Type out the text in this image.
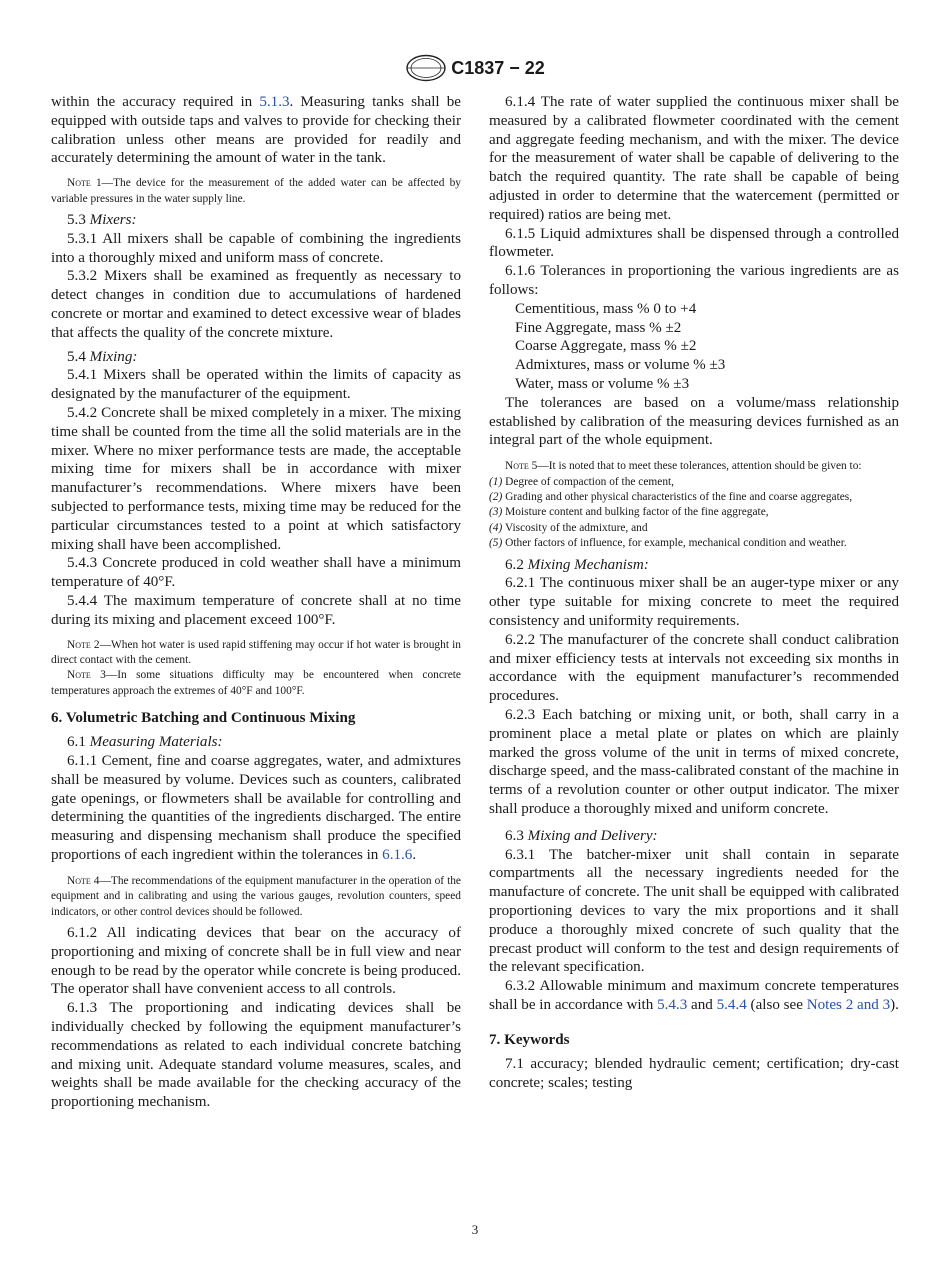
C1837 − 22

within the accuracy required in 5.1.3. Measuring tanks shall be equipped with outside taps and valves to provide for checking their calibration unless other means are provided for readily and accurately determining the amount of water in the tank.

Note 1—The device for the measurement of the added water can be affected by variable pressures in the water supply line.

5.3 Mixers:

5.3.1 All mixers shall be capable of combining the ingredients into a thoroughly mixed and uniform mass of concrete.

5.3.2 Mixers shall be examined as frequently as necessary to detect changes in condition due to accumulations of hardened concrete or mortar and examined to detect excessive wear of blades that affects the quality of the concrete mixture.

5.4 Mixing:

5.4.1 Mixers shall be operated within the limits of capacity as designated by the manufacturer of the equipment.

5.4.2 Concrete shall be mixed completely in a mixer. The mixing time shall be counted from the time all the solid materials are in the mixer. Where no mixer performance tests are made, the acceptable mixing time for mixers shall be in accordance with mixer manufacturer’s recommendations. Where mixers have been subjected to performance tests, mixing time may be reduced for the particular circumstances tested to a point at which satisfactory mixing shall have been accomplished.

5.4.3 Concrete produced in cold weather shall have a minimum temperature of 40°F.

5.4.4 The maximum temperature of concrete shall at no time during its mixing and placement exceed 100°F.

Note 2—When hot water is used rapid stiffening may occur if hot water is brought in direct contact with the cement.

Note 3—In some situations difficulty may be encountered when concrete temperatures approach the extremes of 40°F and 100°F.

6. Volumetric Batching and Continuous Mixing

6.1 Measuring Materials:

6.1.1 Cement, fine and coarse aggregates, water, and admixtures shall be measured by volume. Devices such as counters, calibrated gate openings, or flowmeters shall be available for controlling and determining the quantities of the ingredients discharged. The entire measuring and dispensing mechanism shall produce the specified proportions of each ingredient within the tolerances in 6.1.6.

Note 4—The recommendations of the equipment manufacturer in the operation of the equipment and in calibrating and using the various gauges, revolution counters, speed indicators, or other control devices should be followed.

6.1.2 All indicating devices that bear on the accuracy of proportioning and mixing of concrete shall be in full view and near enough to be read by the operator while concrete is being produced. The operator shall have convenient access to all controls.

6.1.3 The proportioning and indicating devices shall be individually checked by following the equipment manufacturer’s recommendations as related to each individual concrete batching and mixing unit. Adequate standard volume measures, scales, and weights shall be made available for the checking accuracy of the proportioning mechanism.

6.1.4 The rate of water supplied the continuous mixer shall be measured by a calibrated flowmeter coordinated with the cement and aggregate feeding mechanism, and with the mixer. The device for the measurement of water shall be capable of delivering to the batch the required quantity. The rate shall be capable of being adjusted in order to determine that the watercement (permitted or required) ratios are being met.

6.1.5 Liquid admixtures shall be dispensed through a controlled flowmeter.

6.1.6 Tolerances in proportioning the various ingredients are as follows:

Cementitious, mass % 0 to +4

Fine Aggregate, mass % ±2

Coarse Aggregate, mass % ±2

Admixtures, mass or volume % ±3

Water, mass or volume % ±3

The tolerances are based on a volume/mass relationship established by calibration of the measuring devices furnished as an integral part of the whole equipment.

Note 5—It is noted that to meet these tolerances, attention should be given to:

(1) Degree of compaction of the cement,

(2) Grading and other physical characteristics of the fine and coarse aggregates,

(3) Moisture content and bulking factor of the fine aggregate,

(4) Viscosity of the admixture, and

(5) Other factors of influence, for example, mechanical condition and weather.

6.2 Mixing Mechanism:

6.2.1 The continuous mixer shall be an auger-type mixer or any other type suitable for mixing concrete to meet the required consistency and uniformity requirements.

6.2.2 The manufacturer of the concrete shall conduct calibration and mixer efficiency tests at intervals not exceeding six months in accordance with the equipment manufacturer’s recommended procedures.

6.2.3 Each batching or mixing unit, or both, shall carry in a prominent place a metal plate or plates on which are plainly marked the gross volume of the unit in terms of mixed concrete, discharge speed, and the mass-calibrated constant of the machine in terms of a revolution counter or other output indicator. The mixer shall produce a thoroughly mixed and uniform concrete.

6.3 Mixing and Delivery:

6.3.1 The batcher-mixer unit shall contain in separate compartments all the necessary ingredients needed for the manufacture of concrete. The unit shall be equipped with calibrated proportioning devices to vary the mix proportions and it shall produce a thoroughly mixed concrete of such quality that the precast product will conform to the test and design requirements of the relevant specification.

6.3.2 Allowable minimum and maximum concrete temperatures shall be in accordance with 5.4.3 and 5.4.4 (also see Notes 2 and 3).

7. Keywords

7.1 accuracy; blended hydraulic cement; certification; dry-cast concrete; scales; testing

3
